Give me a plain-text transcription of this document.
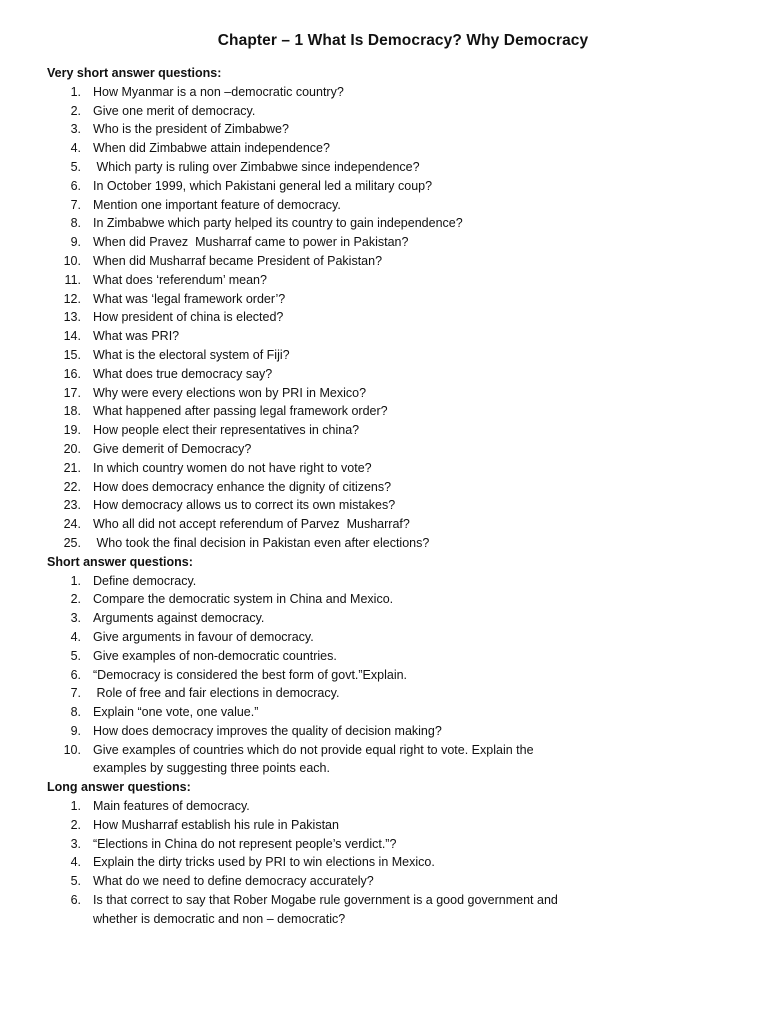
Chapter – 1 What Is Democracy? Why Democracy
Very short answer questions:
1. How Myanmar is a non –democratic country?
2. Give one merit of democracy.
3. Who is the president of Zimbabwe?
4. When did Zimbabwe attain independence?
5. Which party is ruling over Zimbabwe since independence?
6. In October 1999, which Pakistani general led a military coup?
7. Mention one important feature of democracy.
8. In Zimbabwe which party helped its country to gain independence?
9. When did Pravez  Musharraf came to power in Pakistan?
10. When did Musharraf became President of Pakistan?
11. What does ‘referendum’ mean?
12. What was ‘legal framework order’?
13. How president of china is elected?
14. What was PRI?
15. What is the electoral system of Fiji?
16. What does true democracy say?
17. Why were every elections won by PRI in Mexico?
18. What happened after passing legal framework order?
19. How people elect their representatives in china?
20. Give demerit of Democracy?
21. In which country women do not have right to vote?
22. How does democracy enhance the dignity of citizens?
23. How democracy allows us to correct its own mistakes?
24. Who all did not accept referendum of Parvez  Musharraf?
25. Who took the final decision in Pakistan even after elections?
Short answer questions:
1. Define democracy.
2. Compare the democratic system in China and Mexico.
3. Arguments against democracy.
4. Give arguments in favour of democracy.
5. Give examples of non-democratic countries.
6. “Democracy is considered the best form of govt.”Explain.
7. Role of free and fair elections in democracy.
8. Explain “one vote, one value.”
9. How does democracy improves the quality of decision making?
10. Give examples of countries which do not provide equal right to vote. Explain the examples by suggesting three points each.
Long answer questions:
1. Main features of democracy.
2. How Musharraf establish his rule in Pakistan
3. “Elections in China do not represent people’s verdict.”?
4. Explain the dirty tricks used by PRI to win elections in Mexico.
5. What do we need to define democracy accurately?
6. Is that correct to say that Rober Mogabe rule government is a good government and whether is democratic and non – democratic?
